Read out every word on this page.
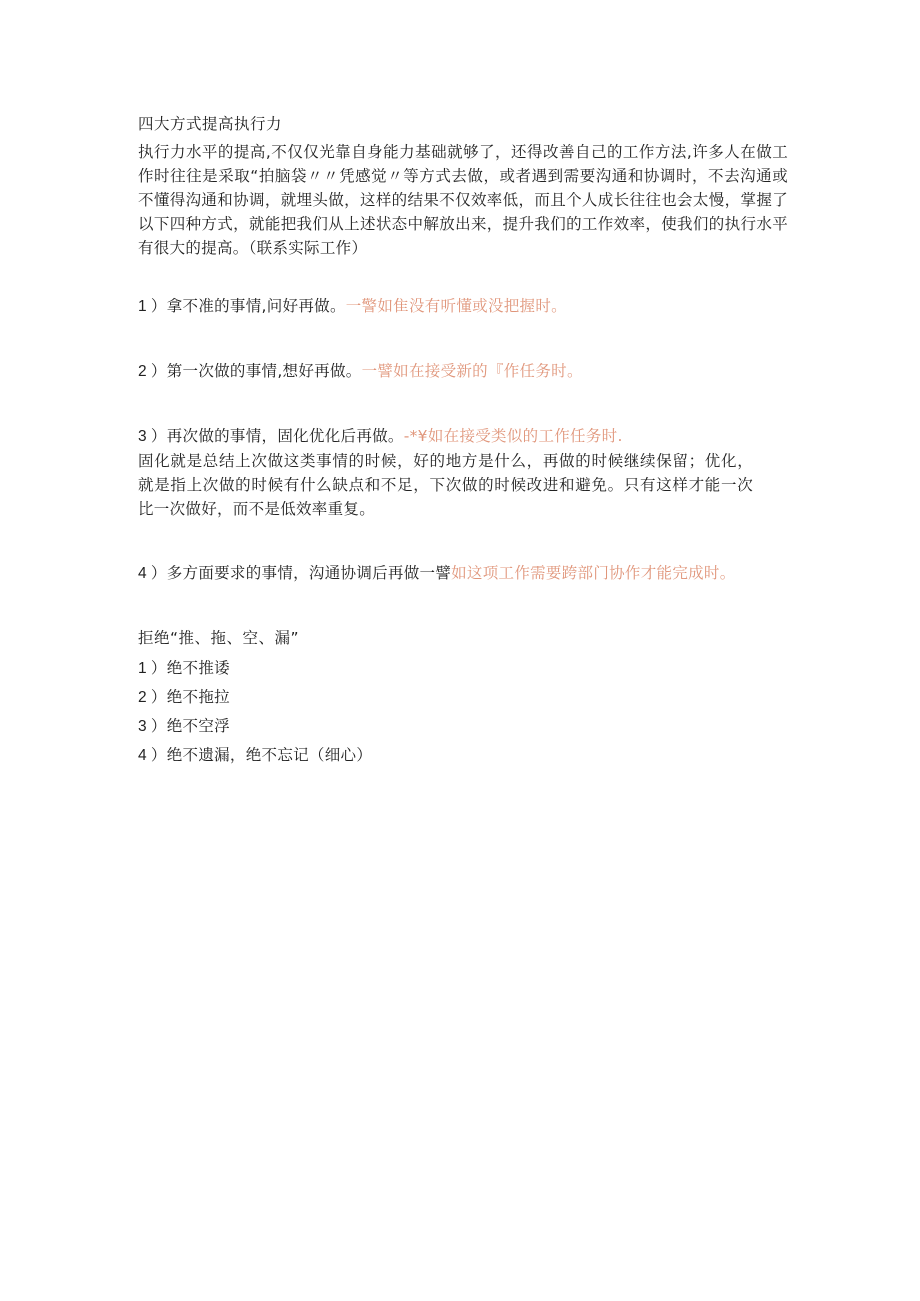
四大方式提高执行力

执行力水平的提高,不仅仅光靠自身能力基础就够了，还得改善自己的工作方法,许多人在做工作时往往是采取“拍脑袋〃〃凭感觉〃等方式去做，或者遇到需要沟通和协调时，不去沟通或不懂得沟通和协调，就埋头做，这样的结果不仅效率低，而且个人成长往往也会太慢，掌握了以下四种方式，就能把我们从上述状态中解放出来，提升我们的工作效率，使我们的执行水平有很大的提高。（联系实际工作）

1 ）拿不准的事情,问好再做。一警如隹没有听懂或没把握时。

2 ）第一次做的事情,想好再做。一譬如在接受新的『作任务时。

3 ）再次做的事情，固化优化后再做。-*¥如在接受类似的工作任务时.

固化就是总结上次做这类事情的时候，好的地方是什么，再做的时候继续保留；优化，就是指上次做的时候有什么缺点和不足，下次做的时候改进和避免。只有这样才能一次比一次做好，而不是低效率重复。

4 ）多方面要求的事情，沟通协调后再做一譬如这项工作需要跨部门协作才能完成时。

拒绝“推、拖、空、漏”

1 ）绝不推诿

2 ）绝不拖拉

3 ）绝不空浮

4 ）绝不遗漏，绝不忘记（细心）
